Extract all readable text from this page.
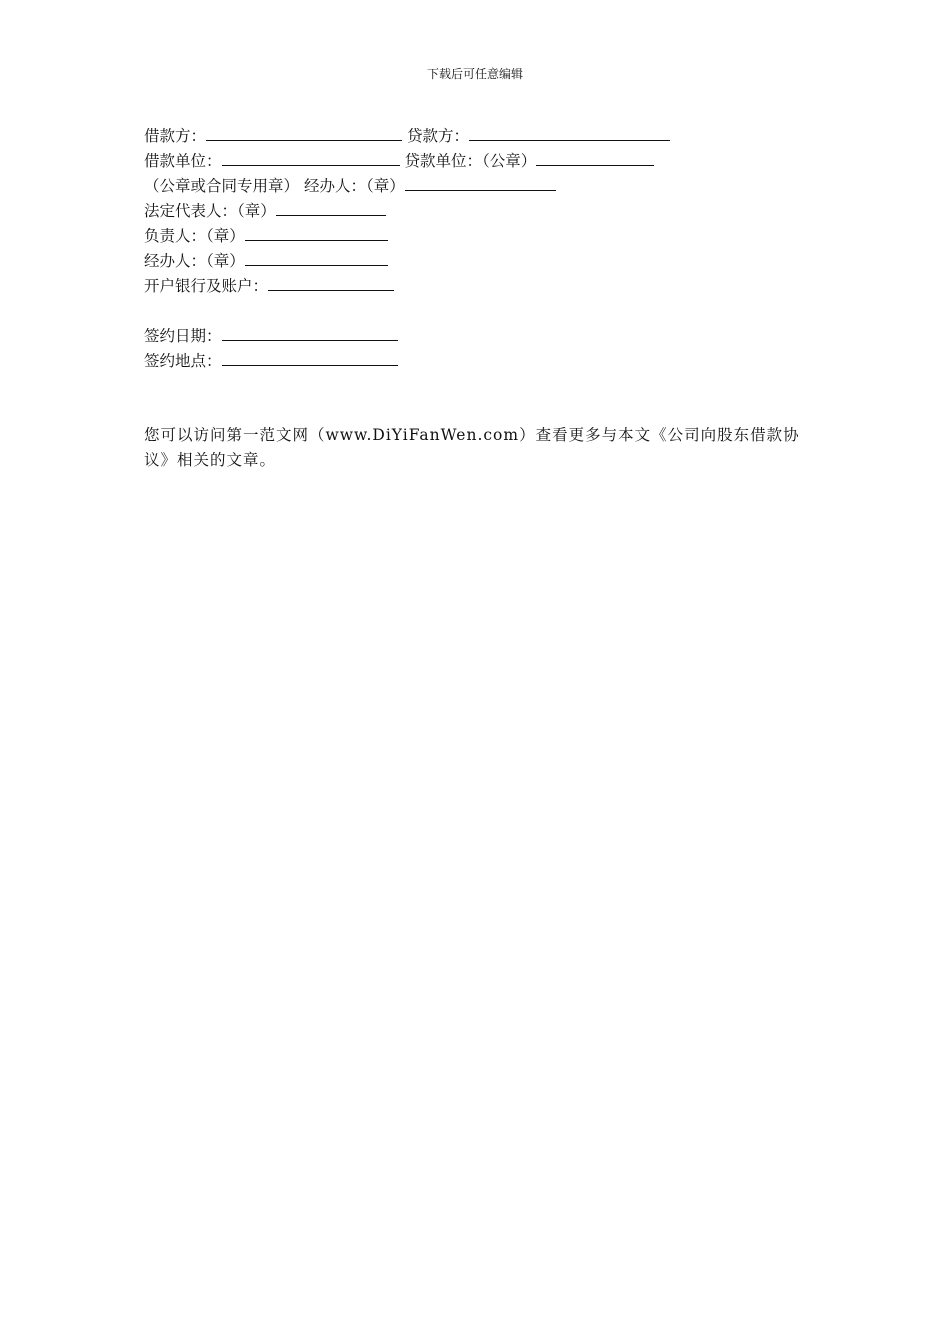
下载后可任意编辑
借款方：	贷款方：
借款单位：	贷款单位：（公章）
（公章或合同专用章） 经办人：（章）
法定代表人：（章）
负责人：（章）
经办人：（章）
开户银行及账户：
签约日期：
签约地点：

您可以访问第一范文网（www.DiYiFanWen.com）查看更多与本文《公司向股东借款协议》相关的文章。
